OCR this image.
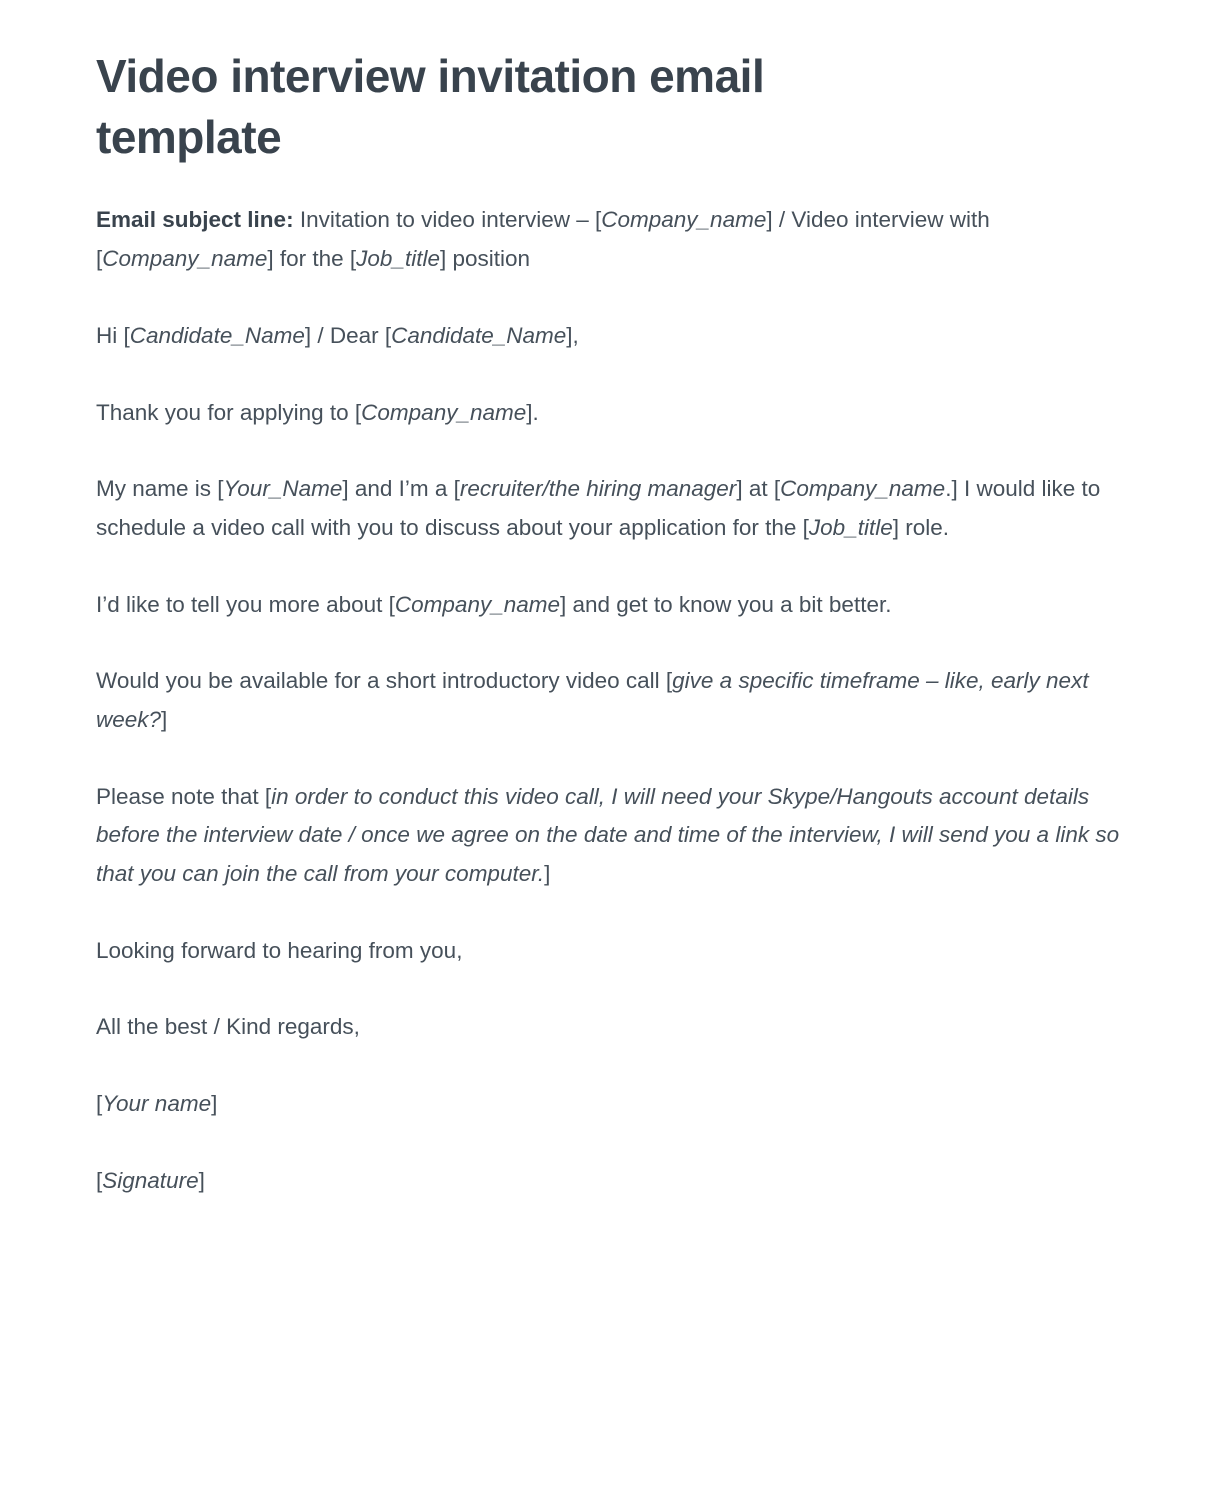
Video interview invitation email template

Email subject line: Invitation to video interview – [Company_name] / Video interview with [Company_name] for the [Job_title] position

Hi [Candidate_Name] / Dear [Candidate_Name],

Thank you for applying to [Company_name].

My name is [Your_Name] and I’m a [recruiter/the hiring manager] at [Company_name.] I would like to schedule a video call with you to discuss about your application for the [Job_title] role.

I’d like to tell you more about [Company_name] and get to know you a bit better.

Would you be available for a short introductory video call [give a specific timeframe – like, early next week?]

Please note that [in order to conduct this video call, I will need your Skype/Hangouts account details before the interview date / once we agree on the date and time of the interview, I will send you a link so that you can join the call from your computer.]

Looking forward to hearing from you,

All the best / Kind regards,

[Your name]

[Signature]
